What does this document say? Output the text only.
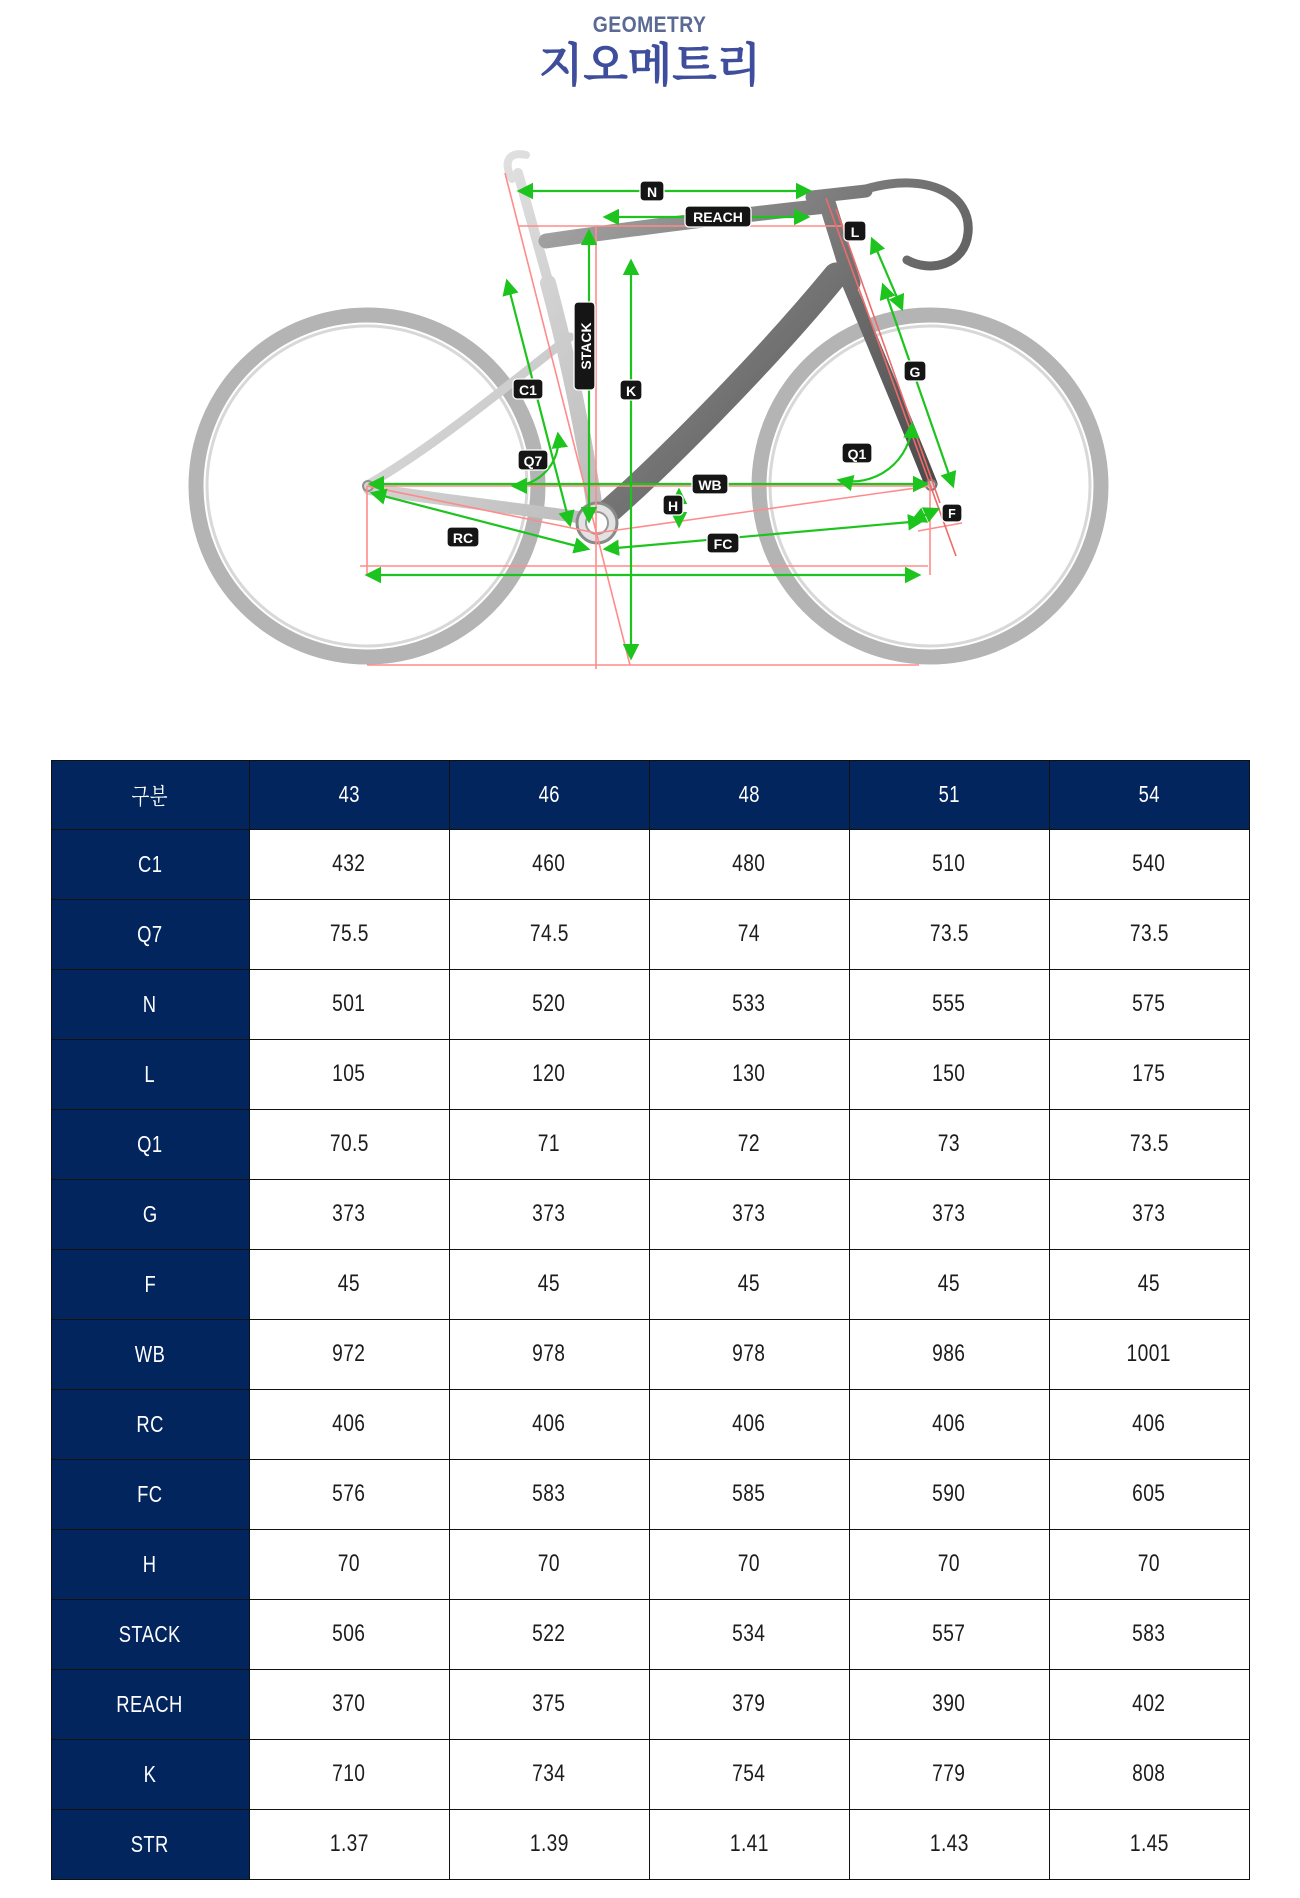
GEOMETRY
지오메트리
N
REACH
L
STACK
C1	K
G
Q7	Q1
WB
H	F
RC	FC
구분	43	46	48	51	54
C1	432	460	480	510	540
Q7	75.5	74.5	74	73.5	73.5
N	501	520	533	555	575
L	105	120	130	150	175
Q1	70.5	71	72	73	73.5
G	373	373	373	373	373
F	45	45	45	45	45
WB	972	978	978	986	1001
RC	406	406	406	406	406
FC	576	583	585	590	605
H	70	70	70	70	70
STACK	506	522	534	557	583
REACH	370	375	379	390	402
K	710	734	754	779	808
STR	1.37	1.39	1.41	1.43	1.45
